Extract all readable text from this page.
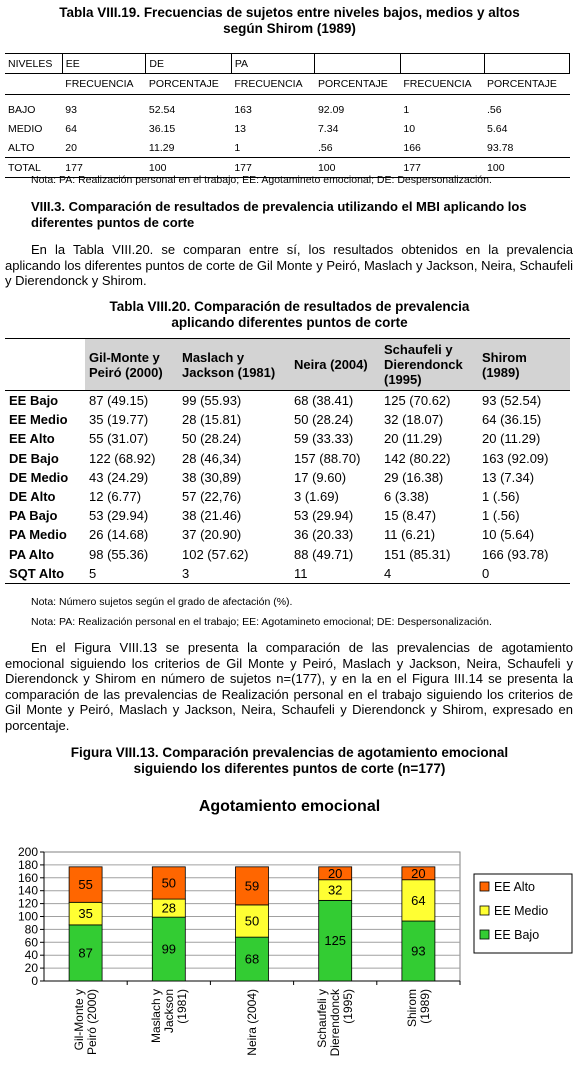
Tabla VIII.19. Frecuencias de sujetos entre niveles bajos, medios y altos
según Shirom (1989)
NIVELES	EE	DE	PA			
	FRECUENCIA	PORCENTAJE	FRECUENCIA	PORCENTAJE	FRECUENCIA	PORCENTAJE
BAJO	93	52.54	163	92.09	1	.56
MEDIO	64	36.15	13	7.34	10	5.64
ALTO	20	11.29	1	.56	166	93.78
TOTAL	177	100	177	100	177	100
Nota: PA: Realización personal en el trabajo; EE: Agotamineto emocional; DE: Despersonalización.
VIII.3. Comparación de resultados de prevalencia utilizando el MBI aplicando los diferentes puntos de corte
En la Tabla VIII.20. se comparan entre sí, los resultados obtenidos en la prevalencia aplicando los diferentes puntos de corte de Gil Monte y Peiró, Maslach y Jackson, Neira, Schaufeli y Dierendonck y Shirom.
Tabla VIII.20. Comparación de resultados de prevalencia
aplicando diferentes puntos de corte
	Gil-Monte y Peiró (2000)	Maslach y Jackson (1981)	Neira (2004)	Schaufeli y Dierendonck (1995)	Shirom (1989)
EE Bajo	87 (49.15)	99 (55.93)	68 (38.41)	125 (70.62)	93 (52.54)
EE Medio	35 (19.77)	28 (15.81)	50 (28.24)	32 (18.07)	64 (36.15)
EE Alto	55 (31.07)	50 (28.24)	59 (33.33)	20 (11.29)	20 (11.29)
DE Bajo	122 (68.92)	28 (46,34)	157 (88.70)	142 (80.22)	163 (92.09)
DE Medio	43 (24.29)	38 (30,89)	17 (9.60)	29 (16.38)	13 (7.34)
DE Alto	12 (6.77)	57 (22,76)	3 (1.69)	6 (3.38)	1 (.56)
PA Bajo	53 (29.94)	38 (21.46)	53 (29.94)	15 (8.47)	1 (.56)
PA Medio	26 (14.68)	37 (20.90)	36 (20.33)	11 (6.21)	10 (5.64)
PA Alto	98 (55.36)	102 (57.62)	88 (49.71)	151 (85.31)	166 (93.78)
SQT Alto	5	3	11	4	0
Nota: Número sujetos según el grado de afectación (%).
Nota: PA: Realización personal en el trabajo; EE: Agotamineto emocional; DE: Despersonalización.
En el Figura VIII.13 se presenta la comparación de las prevalencias de agotamiento emocional siguiendo los criterios de Gil Monte y Peiró, Maslach y Jackson, Neira, Schaufeli y Dierendonck y Shirom en número de sujetos n=(177), y en la en el Figura III.14 se presenta la comparación de las prevalencias de Realización personal en el trabajo siguiendo los criterios de Gil Monte y Peiró, Maslach y Jackson, Neira, Schaufeli y Dierendonck y Shirom, expresado en porcentaje.
Figura VIII.13. Comparación prevalencias de agotamiento emocional
siguiendo los diferentes puntos de corte (n=177)
Agotamiento emocional
0
20
40
60
80
100
120
140
160
180
200
87
35
55
Gil-Monte yPeiró (2000)
99
28
50
Maslach yJackson(1981)
68
50
59
Neira (2004)
125
32
20
Schaufeli yDierendonck(1995)
93
64
20
Shirom(1989)
EE Alto
EE Medio
EE Bajo
